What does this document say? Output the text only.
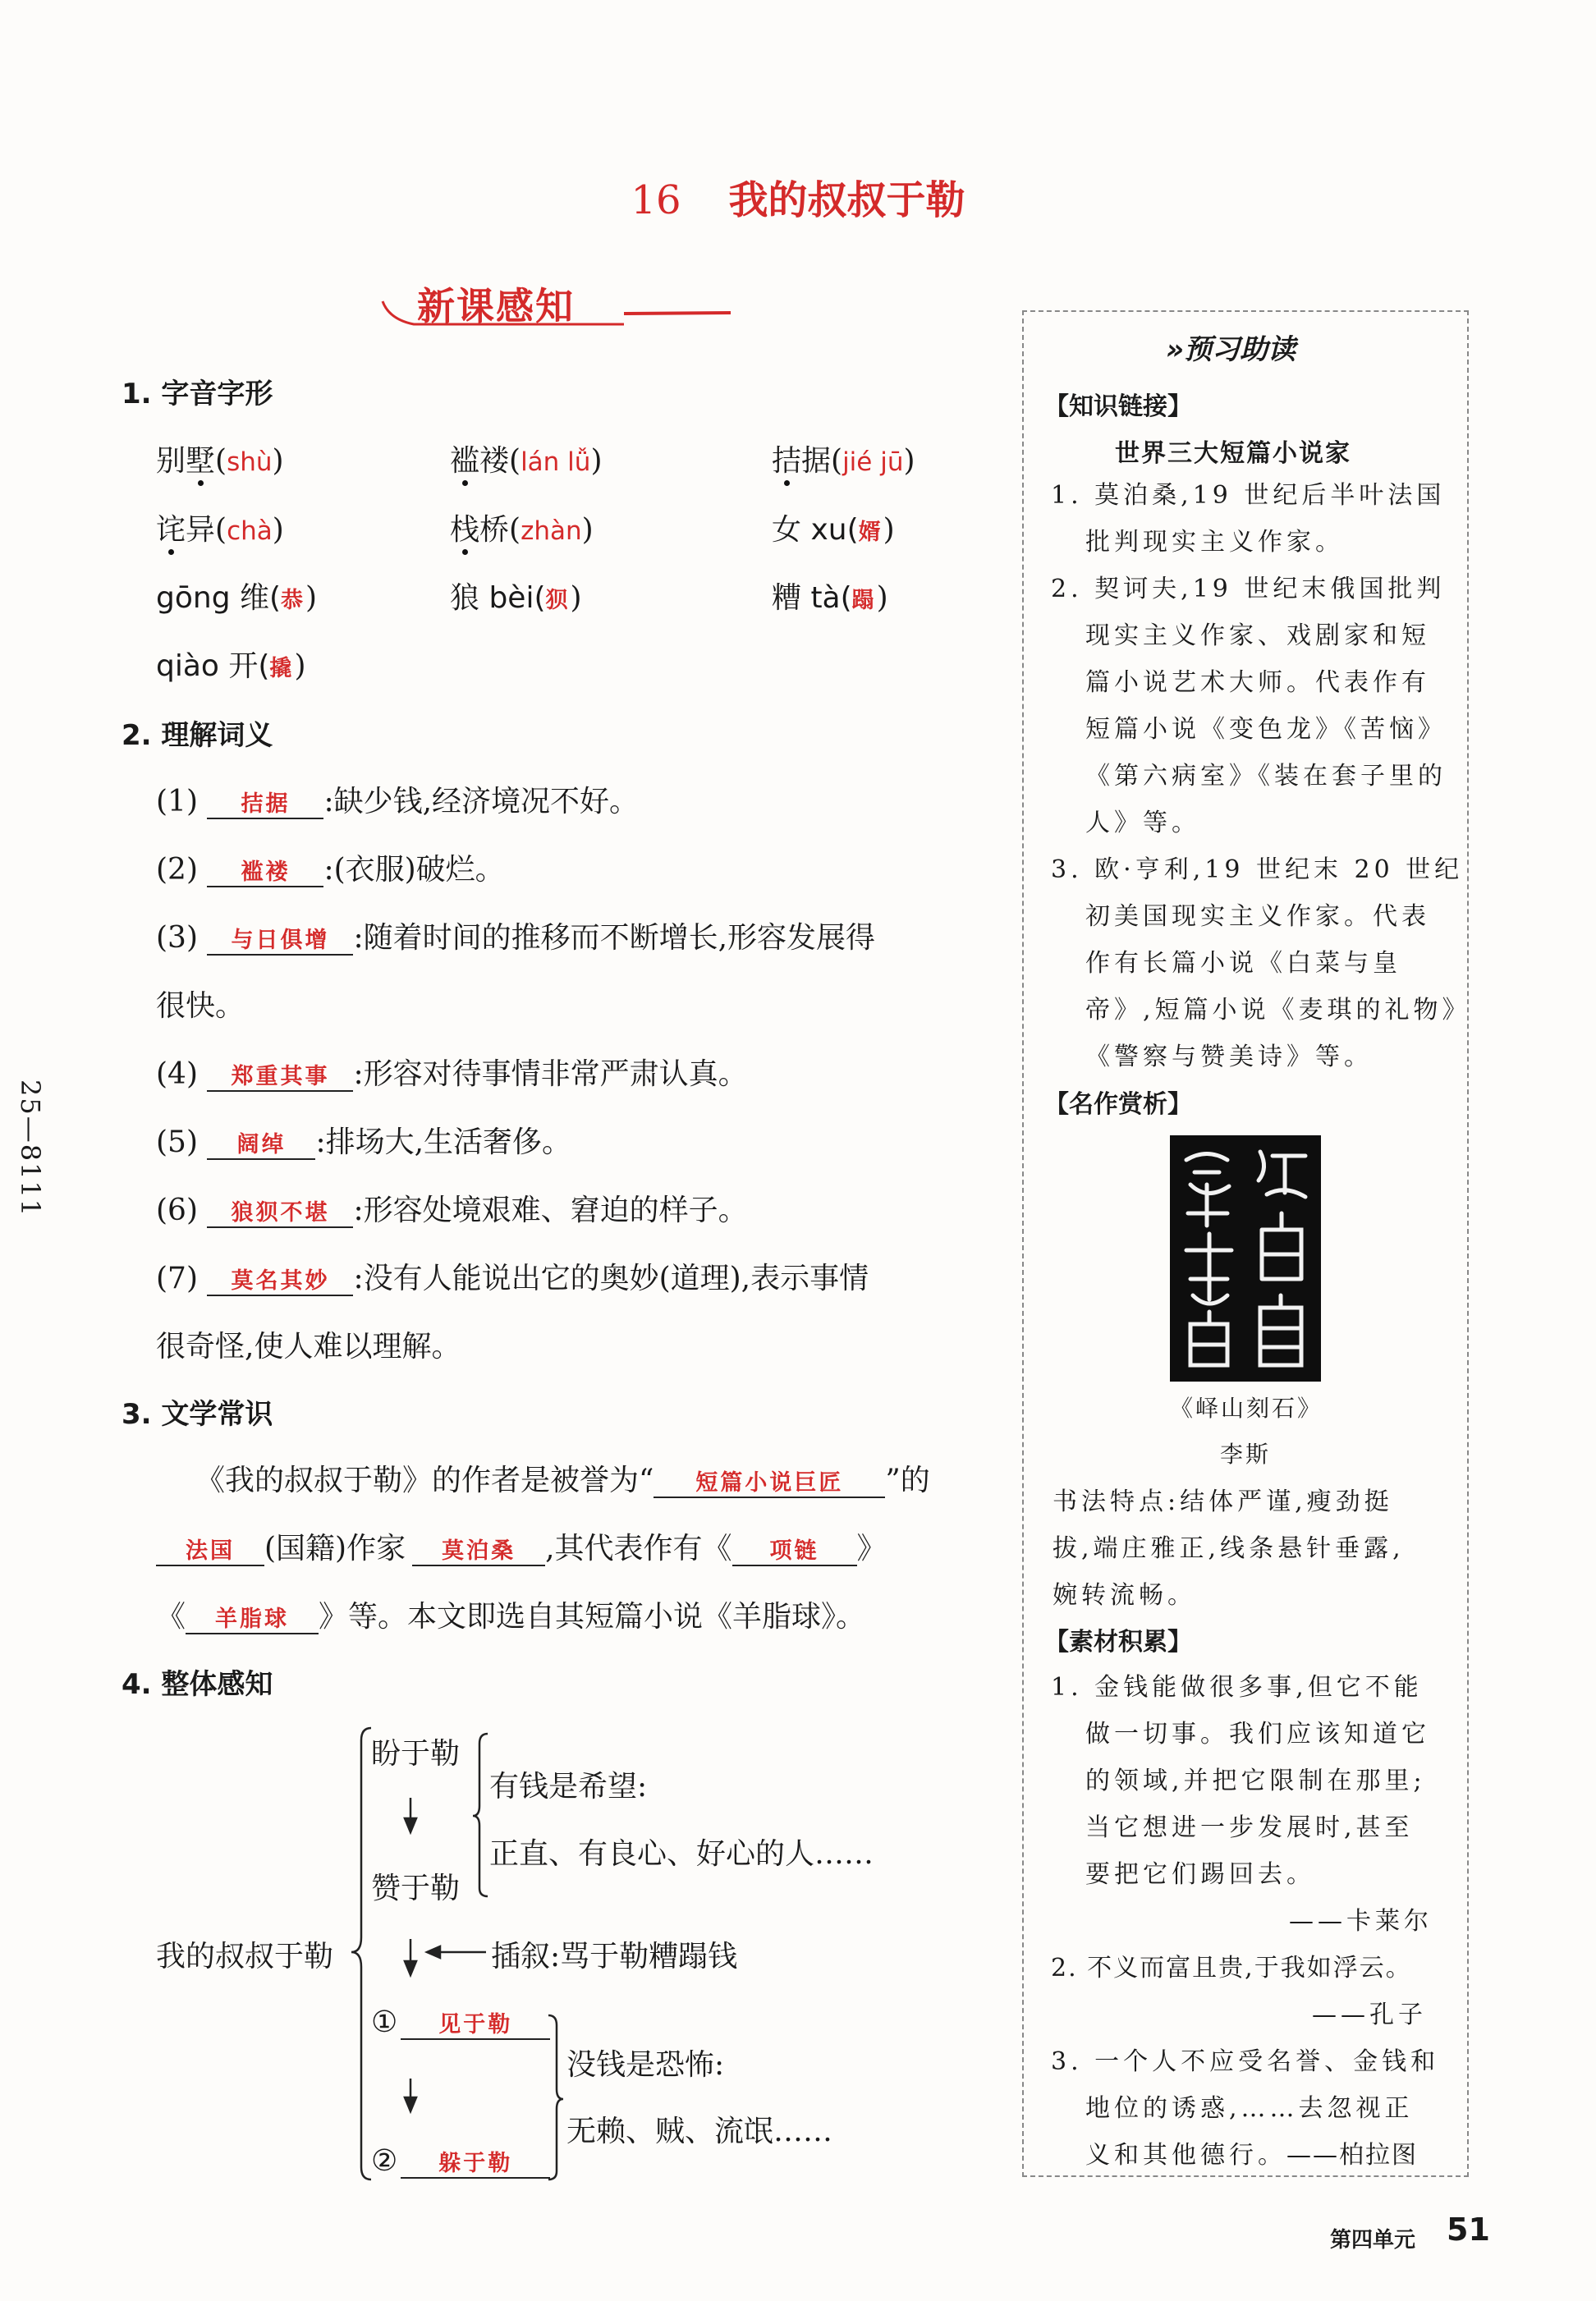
16 我的叔叔于勒
新课感知
1. 字音字形
别墅(shù)	褴褛(lán lǚ)	拮据(jié jū)
诧异(chà)	栈桥(zhàn)	女 xu(婿)
gōng 维(恭)	狼 bèi(狈)	糟 tà(蹋)
qiào 开(撬)
2. 理解词义
(1) 拮据 :缺少钱,经济境况不好。
(2) 褴褛 :(衣服)破烂。
(3) 与日俱增 :随着时间的推移而不断增长,形容发展得
很快。
(4) 郑重其事 :形容对待事情非常严肃认真。
(5) 阔绰 :排场大,生活奢侈。
(6) 狼狈不堪 :形容处境艰难、窘迫的样子。
(7) 莫名其妙 :没有人能说出它的奥妙(道理),表示事情
很奇怪,使人难以理解。
3. 文学常识
《我的叔叔于勒》的作者是被誉为“ 短篇小说巨匠 ”的
法国 (国籍)作家 莫泊桑 ,其代表作有《 项链 》
《 羊脂球 》等。本文即选自其短篇小说《羊脂球》。
4. 整体感知
我的叔叔于勒
盼于勒
赞于勒
有钱是希望:
正直、有良心、好心的人……
插叙:骂于勒糟蹋钱
① 见于勒
② 躲于勒
没钱是恐怖:
无赖、贼、流氓……
25—8111
»预习助读
【知识链接】
世界三大短篇小说家
1. 莫泊桑,19 世纪后半叶法国
批判现实主义作家。
2. 契诃夫,19 世纪末俄国批判
现实主义作家、戏剧家和短
篇小说艺术大师。代表作有
短篇小说《变色龙》《苦恼》
《第六病室》《装在套子里的
人》等。
3. 欧·亨利,19 世纪末 20 世纪
初美国现实主义作家。代表
作有长篇小说《白菜与皇
帝》,短篇小说《麦琪的礼物》
《警察与赞美诗》等。
【名作赏析】
《峄山刻石》
李斯
书法特点:结体严谨,瘦劲挺
拔,端庄雅正,线条悬针垂露,
婉转流畅。
【素材积累】
1. 金钱能做很多事,但它不能
做一切事。我们应该知道它
的领域,并把它限制在那里;
当它想进一步发展时,甚至
要把它们踢回去。
——卡莱尔
2. 不义而富且贵,于我如浮云。
——孔子
3. 一个人不应受名誉、金钱和
地位的诱惑,……去忽视正
义和其他德行。——柏拉图
第四单元 51
